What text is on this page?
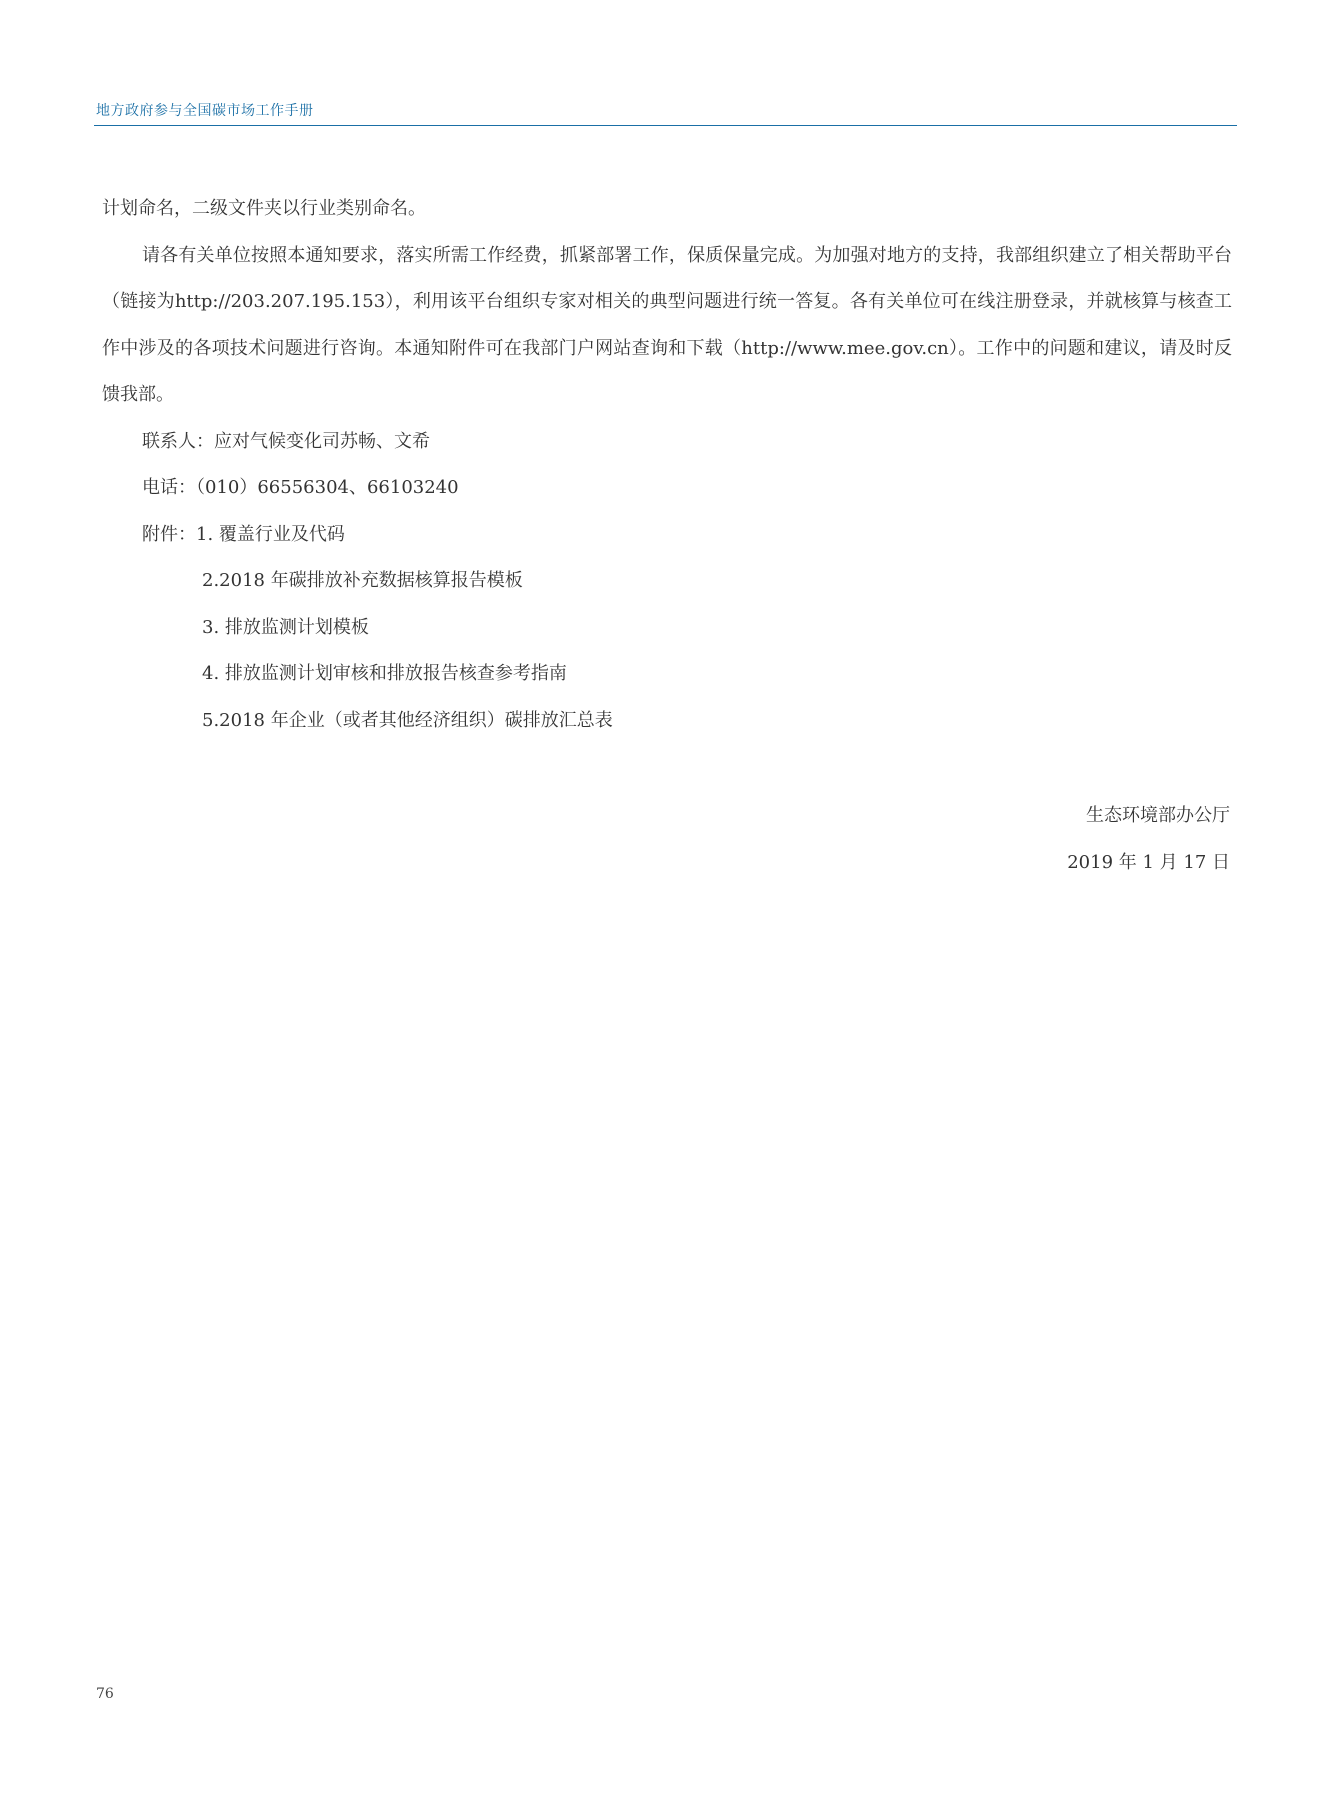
地方政府参与全国碳市场工作手册

计划命名，二级文件夹以行业类别命名。

请各有关单位按照本通知要求，落实所需工作经费，抓紧部署工作，保质保量完成。为加强对地方的支持，我部组织建立了相关帮助平台（链接为http://203.207.195.153），利用该平台组织专家对相关的典型问题进行统一答复。各有关单位可在线注册登录，并就核算与核查工作中涉及的各项技术问题进行咨询。本通知附件可在我部门户网站查询和下载（http://www.mee.gov.cn）。工作中的问题和建议，请及时反馈我部。

联系人：应对气候变化司苏畅、文希

电话：（010）66556304、66103240

附件：1. 覆盖行业及代码

2.2018 年碳排放补充数据核算报告模板

3. 排放监测计划模板

4. 排放监测计划审核和排放报告核查参考指南

5.2018 年企业（或者其他经济组织）碳排放汇总表

生态环境部办公厅
2019 年 1 月 17 日
76
